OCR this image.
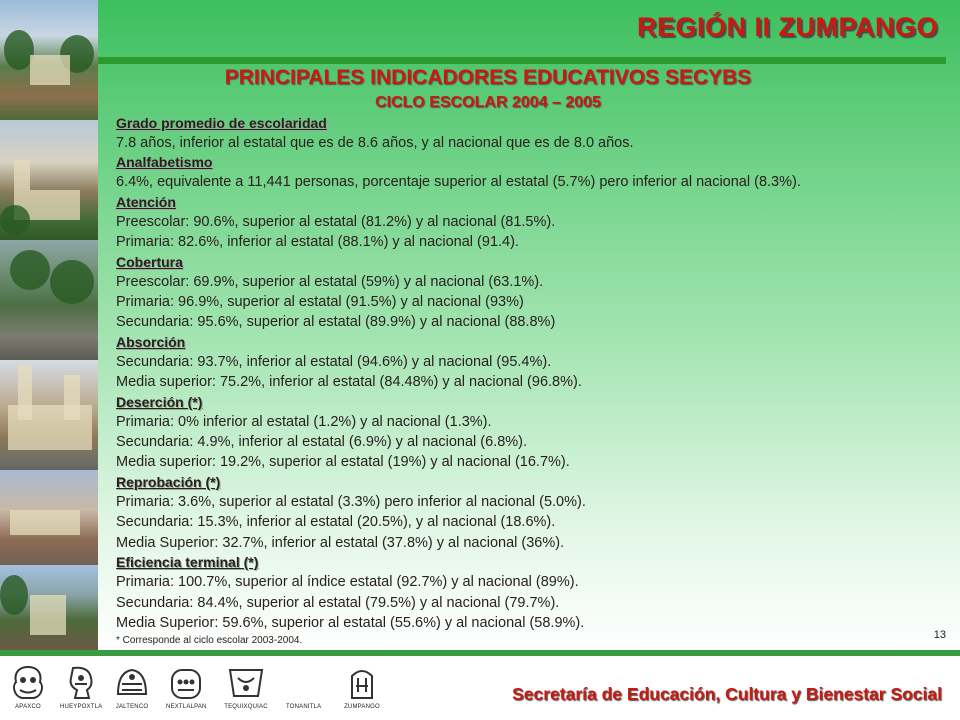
REGIÓN II ZUMPANGO
PRINCIPALES INDICADORES EDUCATIVOS SECYBS
CICLO ESCOLAR 2004 – 2005

Grado promedio de escolaridad

7.8 años, inferior al estatal que es de 8.6 años, y al nacional que es de 8.0 años.

Analfabetismo

6.4%, equivalente a 11,441 personas, porcentaje superior al estatal (5.7%) pero inferior al nacional (8.3%).

Atención

Preescolar: 90.6%, superior al estatal (81.2%) y al nacional (81.5%).

Primaria: 82.6%, inferior al estatal (88.1%) y al nacional (91.4).

Cobertura

Preescolar: 69.9%, superior al estatal (59%) y al nacional (63.1%).

Primaria: 96.9%, superior al estatal (91.5%) y al nacional (93%)

Secundaria: 95.6%, superior al estatal (89.9%) y al nacional (88.8%)

Absorción

Secundaria: 93.7%, inferior al estatal (94.6%) y al nacional (95.4%).

Media superior: 75.2%, inferior al estatal (84.48%) y al nacional (96.8%).

Deserción (*)

Primaria: 0% inferior al estatal (1.2%) y al nacional (1.3%).

Secundaria: 4.9%, inferior al estatal (6.9%) y al nacional (6.8%).

Media superior: 19.2%, superior al estatal (19%) y al nacional (16.7%).

Reprobación (*)

Primaria: 3.6%, superior al estatal (3.3%) pero inferior al nacional (5.0%).

Secundaria: 15.3%, inferior al estatal (20.5%), y al nacional (18.6%).

Media Superior: 32.7%, inferior al estatal (37.8%) y al nacional (36%).

Eficiencia terminal (*)

Primaria: 100.7%, superior al índice estatal (92.7%) y al nacional (89%).

Secundaria: 84.4%, superior al estatal (79.5%) y al nacional (79.7%).

Media Superior: 59.6%, superior al estatal (55.6%) y al nacional (58.9%).

* Corresponde al ciclo escolar 2003-2004.	13
APAXCO	HUEYPOXTLA JALTENCO	NEXTLALPAN	TEQUIXQUIAC	TONANITLA	ZUMPANGO
Secretaría de Educación, Cultura y Bienestar Social
